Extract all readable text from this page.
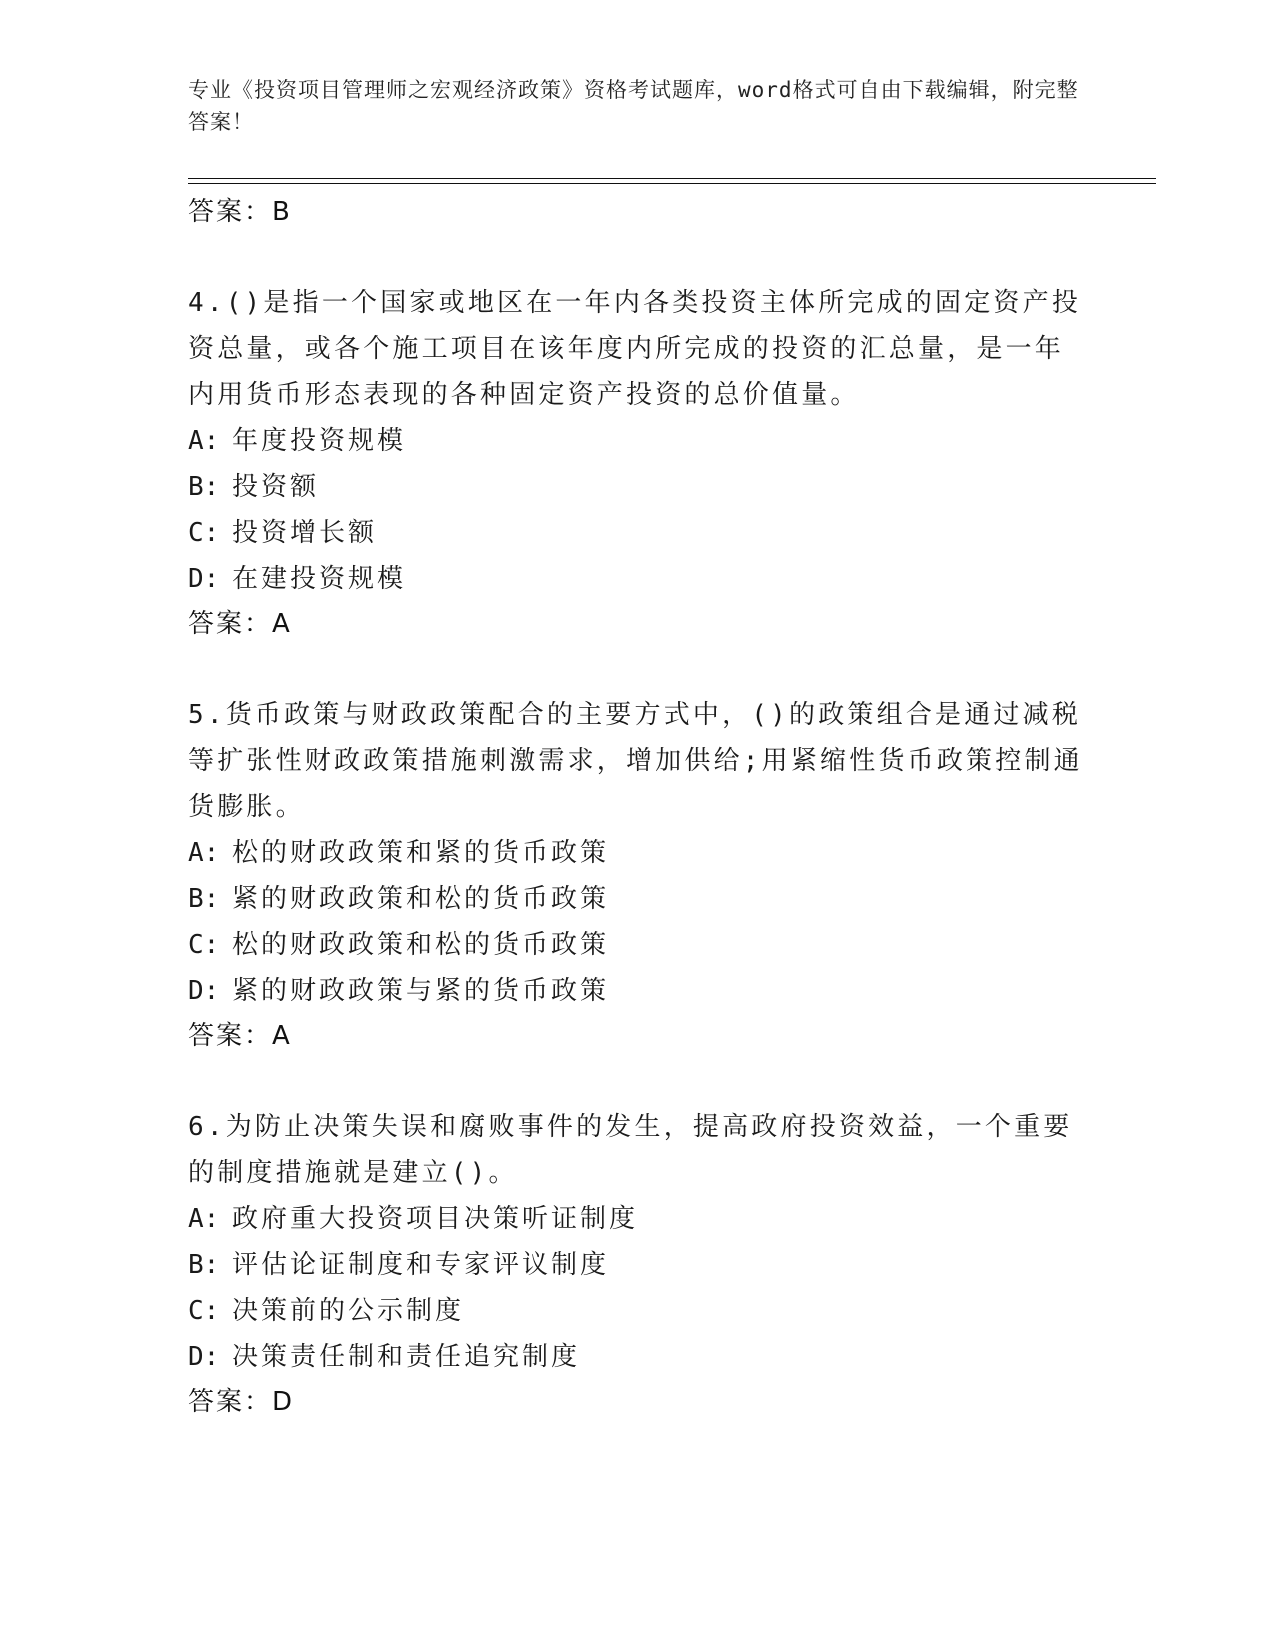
专业《投资项目管理师之宏观经济政策》资格考试题库，word格式可自由下载编辑，附完整答案！
答案：B
4.()是指一个国家或地区在一年内各类投资主体所完成的固定资产投资总量，或各个施工项目在该年度内所完成的投资的汇总量，是一年内用货币形态表现的各种固定资产投资的总价值量。
A: 年度投资规模
B: 投资额
C: 投资增长额
D: 在建投资规模
答案：A
5.货币政策与财政政策配合的主要方式中，()的政策组合是通过减税等扩张性财政政策措施刺激需求，增加供给;用紧缩性货币政策控制通货膨胀。
A: 松的财政政策和紧的货币政策
B: 紧的财政政策和松的货币政策
C: 松的财政政策和松的货币政策
D: 紧的财政政策与紧的货币政策
答案：A
6.为防止决策失误和腐败事件的发生，提高政府投资效益，一个重要的制度措施就是建立()。
A: 政府重大投资项目决策听证制度
B: 评估论证制度和专家评议制度
C: 决策前的公示制度
D: 决策责任制和责任追究制度
答案：D
